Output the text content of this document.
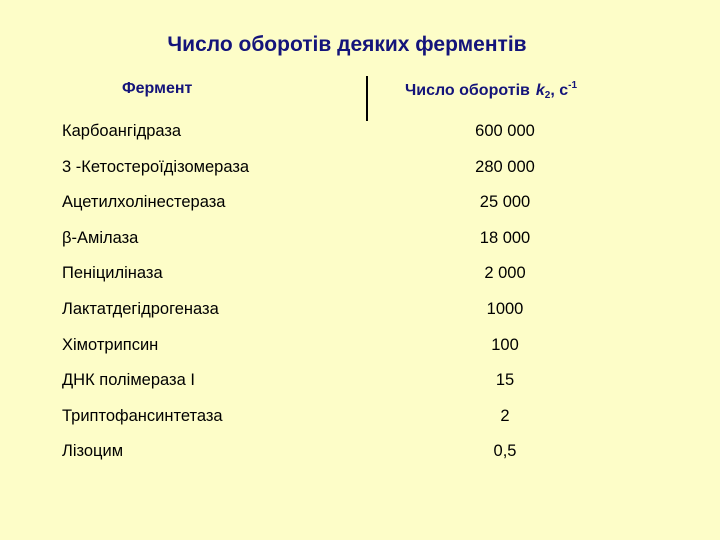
Число оборотів деяких ферментів
Фермент	Число оборотів $k_2$, $с^{-1}$
Карбоангідраза	600 000
3 -Кетостероїдізомераза	280 000
Ацетилхолінестераза	25 000
β-Амілаза	18 000
Пеніциліназа	2 000
Лактатдегідрогеназа	1000
Хімотрипсин	100
ДНК полімераза І	15
Триптофансинтетаза	2
Лізоцим	0,5
